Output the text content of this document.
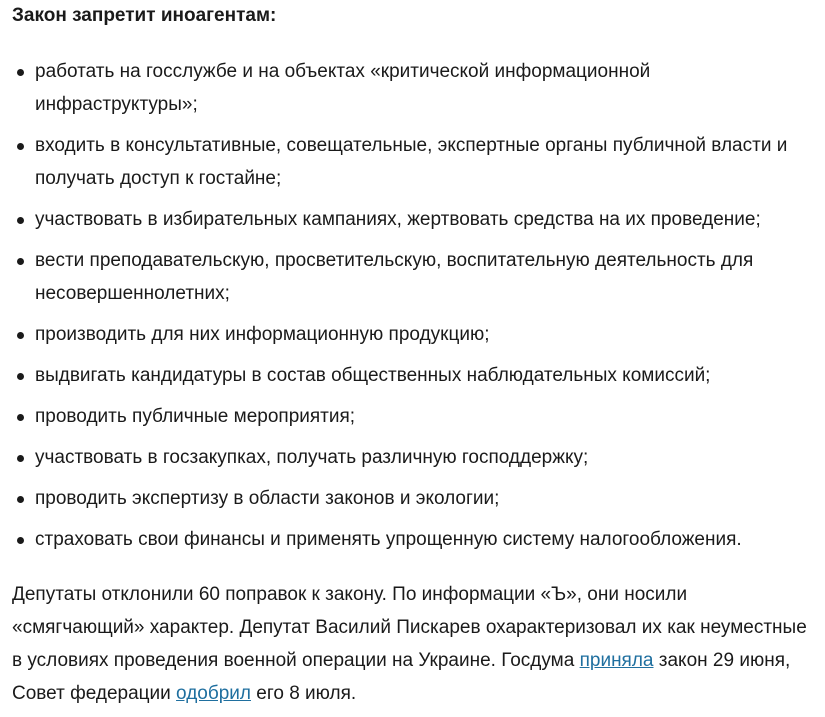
Закон запретит иноагентам:

работать на госслужбе и на объектах «критической информационной инфраструктуры»;
входить в консультативные, совещательные, экспертные органы публичной власти и получать доступ к гостайне;
участвовать в избирательных кампаниях, жертвовать средства на их проведение;
вести преподавательскую, просветительскую, воспитательную деятельность для несовершеннолетних;
производить для них информационную продукцию;
выдвигать кандидатуры в состав общественных наблюдательных комиссий;
проводить публичные мероприятия;
участвовать в госзакупках, получать различную господдержку;
проводить экспертизу в области законов и экологии;
страховать свои финансы и применять упрощенную систему налогообложения.

Депутаты отклонили 60 поправок к закону. По информации «Ъ», они носили «смягчающий» характер. Депутат Василий Пискарев охарактеризовал их как неуместные в условиях проведения военной операции на Украине. Госдума приняла закон 29 июня, Совет федерации одобрил его 8 июля.
